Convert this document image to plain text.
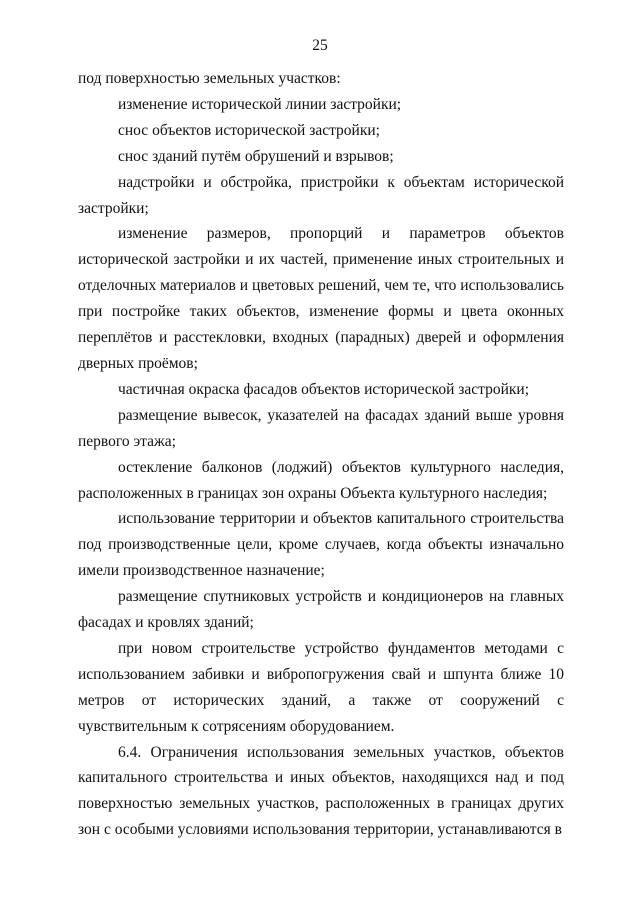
25

под поверхностью земельных участков:

изменение исторической линии застройки;

снос объектов исторической застройки;

снос зданий путём обрушений и взрывов;

надстройки и обстройка, пристройки к объектам исторической застройки;

изменение размеров, пропорций и параметров объектов исторической застройки и их частей, применение иных строительных и отделочных материалов и цветовых решений, чем те, что использовались при постройке таких объектов, изменение формы и цвета оконных переплётов и расстекловки, входных (парадных) дверей и оформления дверных проёмов;

частичная окраска фасадов объектов исторической застройки;

размещение вывесок, указателей на фасадах зданий выше уровня первого этажа;

остекление балконов (лоджий) объектов культурного наследия, расположенных в границах зон охраны Объекта культурного наследия;

использование территории и объектов капитального строительства под производственные цели, кроме случаев, когда объекты изначально имели производственное назначение;

размещение спутниковых устройств и кондиционеров на главных фасадах и кровлях зданий;

при новом строительстве устройство фундаментов методами с использованием забивки и вибропогружения свай и шпунта ближе 10 метров от исторических зданий, а также от сооружений с чувствительным к сотрясениям оборудованием.

6.4. Ограничения использования земельных участков, объектов капитального строительства и иных объектов, находящихся над и под поверхностью земельных участков, расположенных в границах других зон с особыми условиями использования территории, устанавливаются в
